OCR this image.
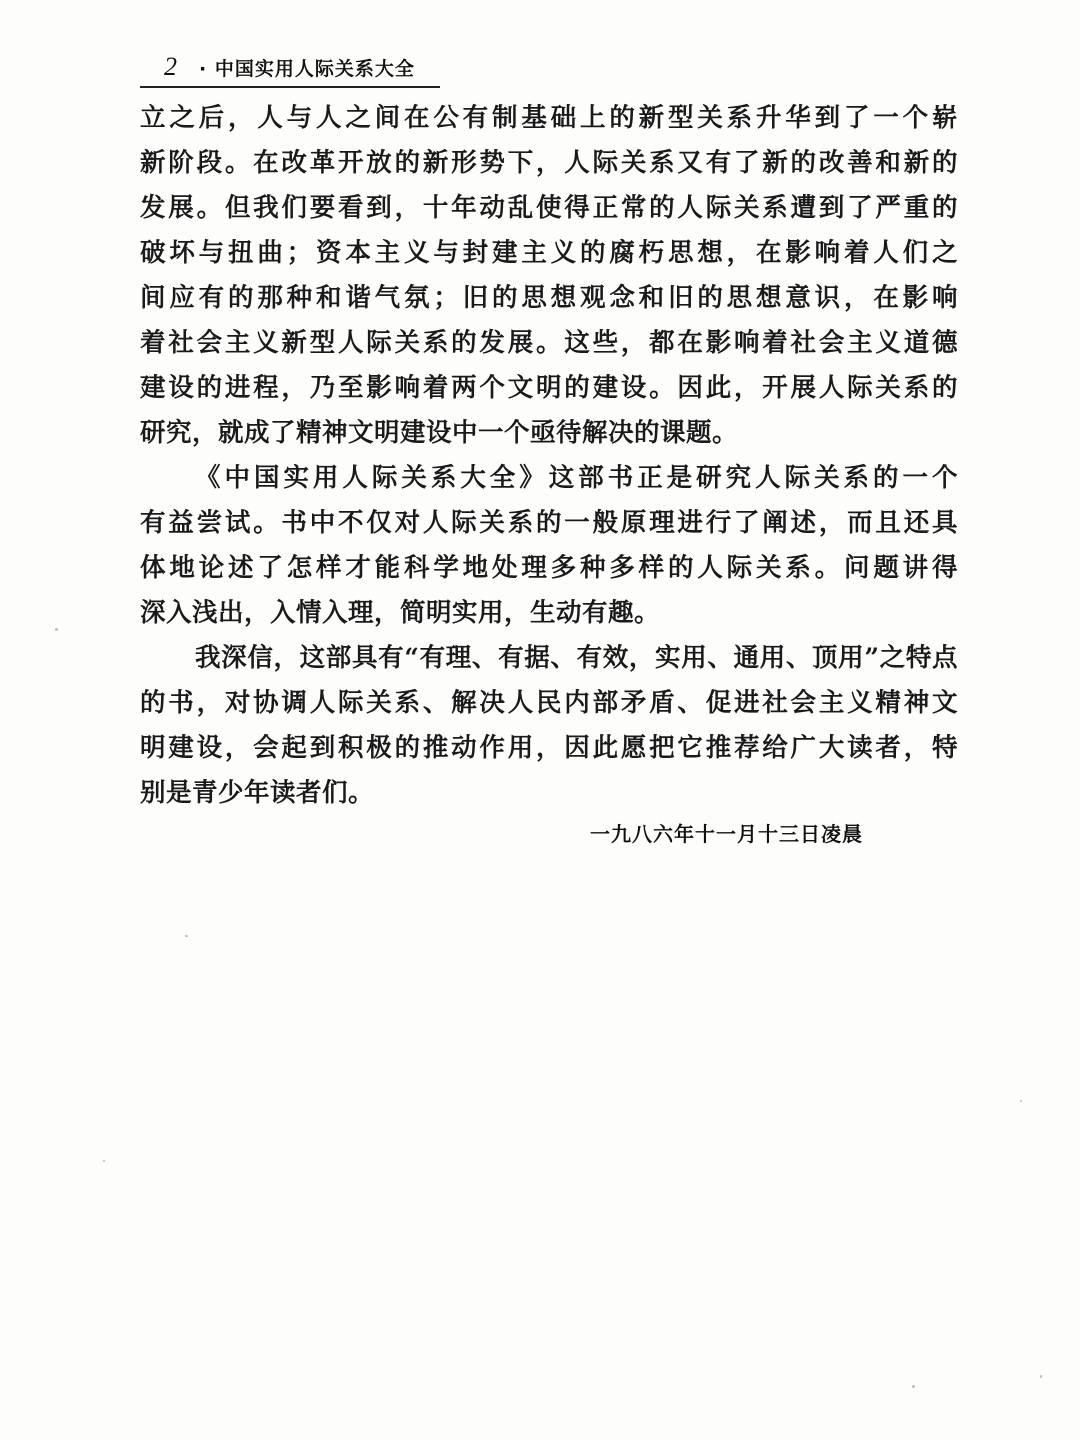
2 · 中国实用人际关系大全
立之后，人与人之间在公有制基础上的新型关系升华到了一个崭
新阶段。在改革开放的新形势下，人际关系又有了新的改善和新的
发展。但我们要看到，十年动乱使得正常的人际关系遭到了严重的
破坏与扭曲；资本主义与封建主义的腐朽思想，在影响着人们之
间应有的那种和谐气氛；旧的思想观念和旧的思想意识，在影响
着社会主义新型人际关系的发展。这些，都在影响着社会主义道德
建设的进程，乃至影响着两个文明的建设。因此，开展人际关系的
研究，就成了精神文明建设中一个亟待解决的课题。
《中国实用人际关系大全》这部书正是研究人际关系的一个
有益尝试。书中不仅对人际关系的一般原理进行了阐述，而且还具
体地论述了怎样才能科学地处理多种多样的人际关系。问题讲得
深入浅出，入情入理，简明实用，生动有趣。
我深信，这部具有“有理、有据、有效，实用、通用、顶用”之特点
的书，对协调人际关系、解决人民内部矛盾、促进社会主义精神文
明建设，会起到积极的推动作用，因此愿把它推荐给广大读者，特
别是青少年读者们。
一九八六年十一月十三日凌晨
